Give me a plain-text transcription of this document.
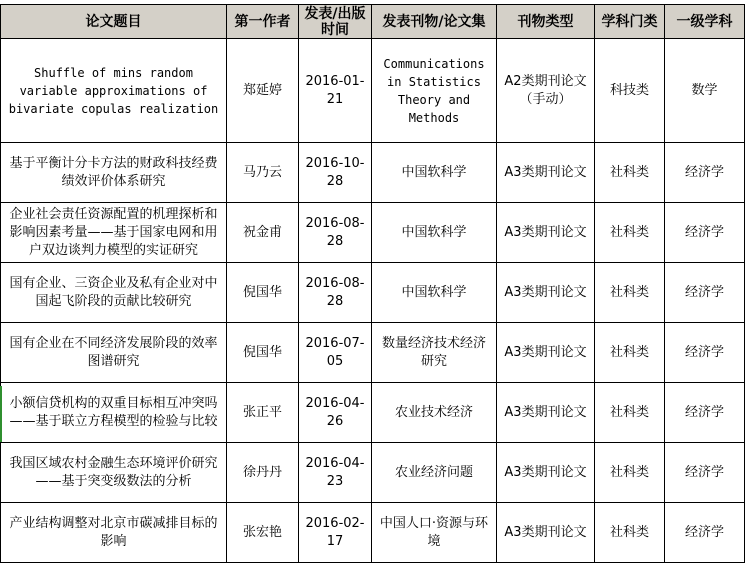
论文题目	第一作者	发表/出版时间	发表刊物/论文集	刊物类型	学科门类	一级学科
Shuffle of mins random variable approximations of bivariate copulas realization	郑延婷	2016-01-21	Communications in Statistics Theory and Methods	A2类期刊论文（手动）	科技类	数学
基于平衡计分卡方法的财政科技经费绩效评价体系研究	马乃云	2016-10-28	中国软科学	A3类期刊论文	社科类	经济学

企业社会责任资源配置的机理探析和影响因素考量——基于国家电网和用户双边谈判力模型的实证研究	祝金甫	2016-08-28	中国软科学	A3类期刊论文	社科类	经济学
国有企业、三资企业及私有企业对中国起飞阶段的贡献比较研究	倪国华	2016-08-28	中国软科学	A3类期刊论文	社科类	经济学
国有企业在不同经济发展阶段的效率图谱研究	倪国华	2016-07-05	数量经济技术经济研究	A3类期刊论文	社科类	经济学
小额信贷机构的双重目标相互冲突吗——基于联立方程模型的检验与比较	张正平	2016-04-26	农业技术经济	A3类期刊论文	社科类	经济学
我国区域农村金融生态环境评价研究——基于突变级数法的分析	徐丹丹	2016-04-23	农业经济问题	A3类期刊论文	社科类	经济学
产业结构调整对北京市碳减排目标的影响	张宏艳	2016-02-17	中国人口·资源与环境	A3类期刊论文	社科类	经济学
